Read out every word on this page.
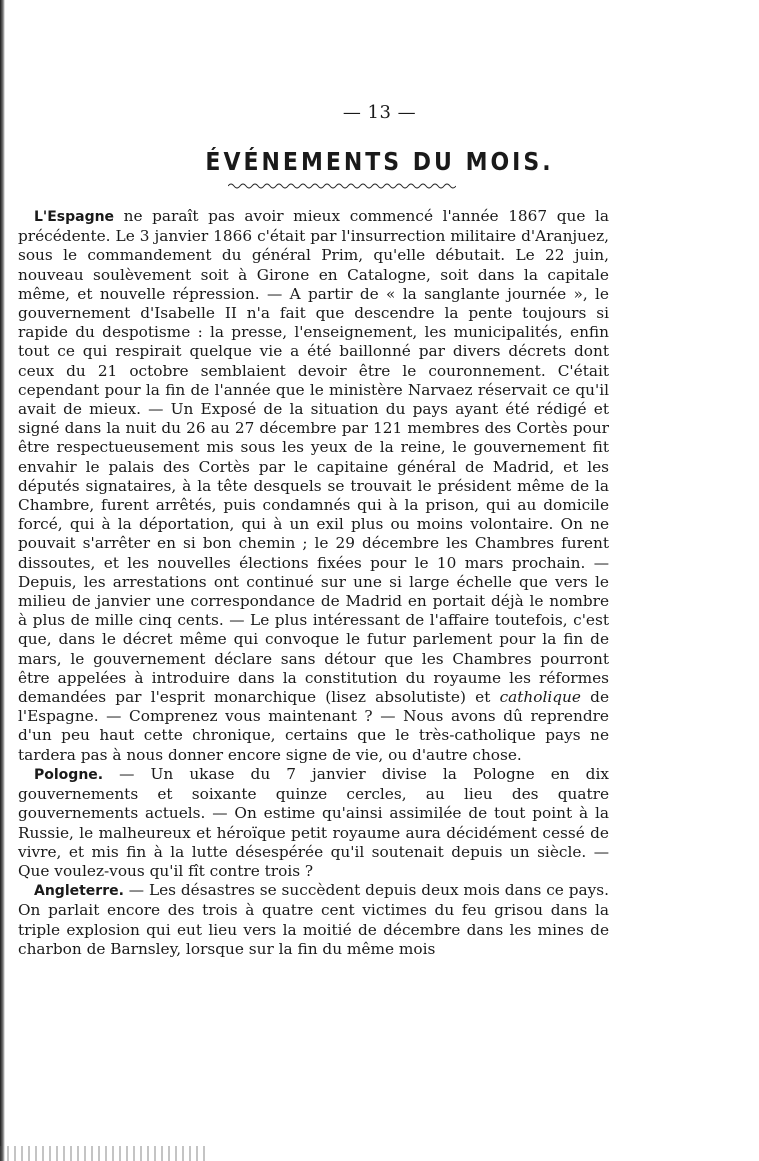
— 13 —
ÉVÉNEMENTS DU MOIS.

L'Espagne ne paraît pas avoir mieux commencé l'année 1867 que la précédente. Le 3 janvier 1866 c'était par l'insurrection militaire d'Aranjuez, sous le commandement du général Prim, qu'elle débutait. Le 22 juin, nouveau soulèvement soit à Girone en Catalogne, soit dans la capitale même, et nouvelle répression. — A partir de « la sanglante journée », le gouvernement d'Isabelle II n'a fait que descendre la pente toujours si rapide du despotisme : la presse, l'enseignement, les municipalités, enfin tout ce qui respirait quelque vie a été baillonné par divers décrets dont ceux du 21 octobre semblaient devoir être le couronnement. C'était cependant pour la fin de l'année que le ministère Narvaez réservait ce qu'il avait de mieux. — Un Exposé de la situation du pays ayant été rédigé et signé dans la nuit du 26 au 27 décembre par 121 membres des Cortès pour être respectueusement mis sous les yeux de la reine, le gouvernement fit envahir le palais des Cortès par le capitaine général de Madrid, et les députés signataires, à la tête desquels se trouvait le président même de la Chambre, furent arrêtés, puis condamnés qui à la prison, qui au domicile forcé, qui à la déportation, qui à un exil plus ou moins volontaire. On ne pouvait s'arrêter en si bon chemin ; le 29 décembre les Chambres furent dissoutes, et les nouvelles élections fixées pour le 10 mars prochain. — Depuis, les arrestations ont continué sur une si large échelle que vers le milieu de janvier une correspondance de Madrid en portait déjà le nombre à plus de mille cinq cents. — Le plus intéressant de l'affaire toutefois, c'est que, dans le décret même qui convoque le futur parlement pour la fin de mars, le gouvernement déclare sans détour que les Chambres pourront être appelées à introduire dans la constitution du royaume les réformes demandées par l'esprit monarchique (lisez absolutiste) et catholique de l'Espagne. — Comprenez vous maintenant ? — Nous avons dû reprendre d'un peu haut cette chronique, certains que le très-catholique pays ne tardera pas à nous donner encore signe de vie, ou d'autre chose.

Pologne. — Un ukase du 7 janvier divise la Pologne en dix gouvernements et soixante quinze cercles, au lieu des quatre gouvernements actuels. — On estime qu'ainsi assimilée de tout point à la Russie, le malheureux et héroïque petit royaume aura décidément cessé de vivre, et mis fin à la lutte désespérée qu'il soutenait depuis un siècle. — Que voulez-vous qu'il fît contre trois ?

Angleterre. — Les désastres se succèdent depuis deux mois dans ce pays. On parlait encore des trois à quatre cent victimes du feu grisou dans la triple explosion qui eut lieu vers la moitié de décembre dans les mines de charbon de Barnsley, lorsque sur la fin du même mois
